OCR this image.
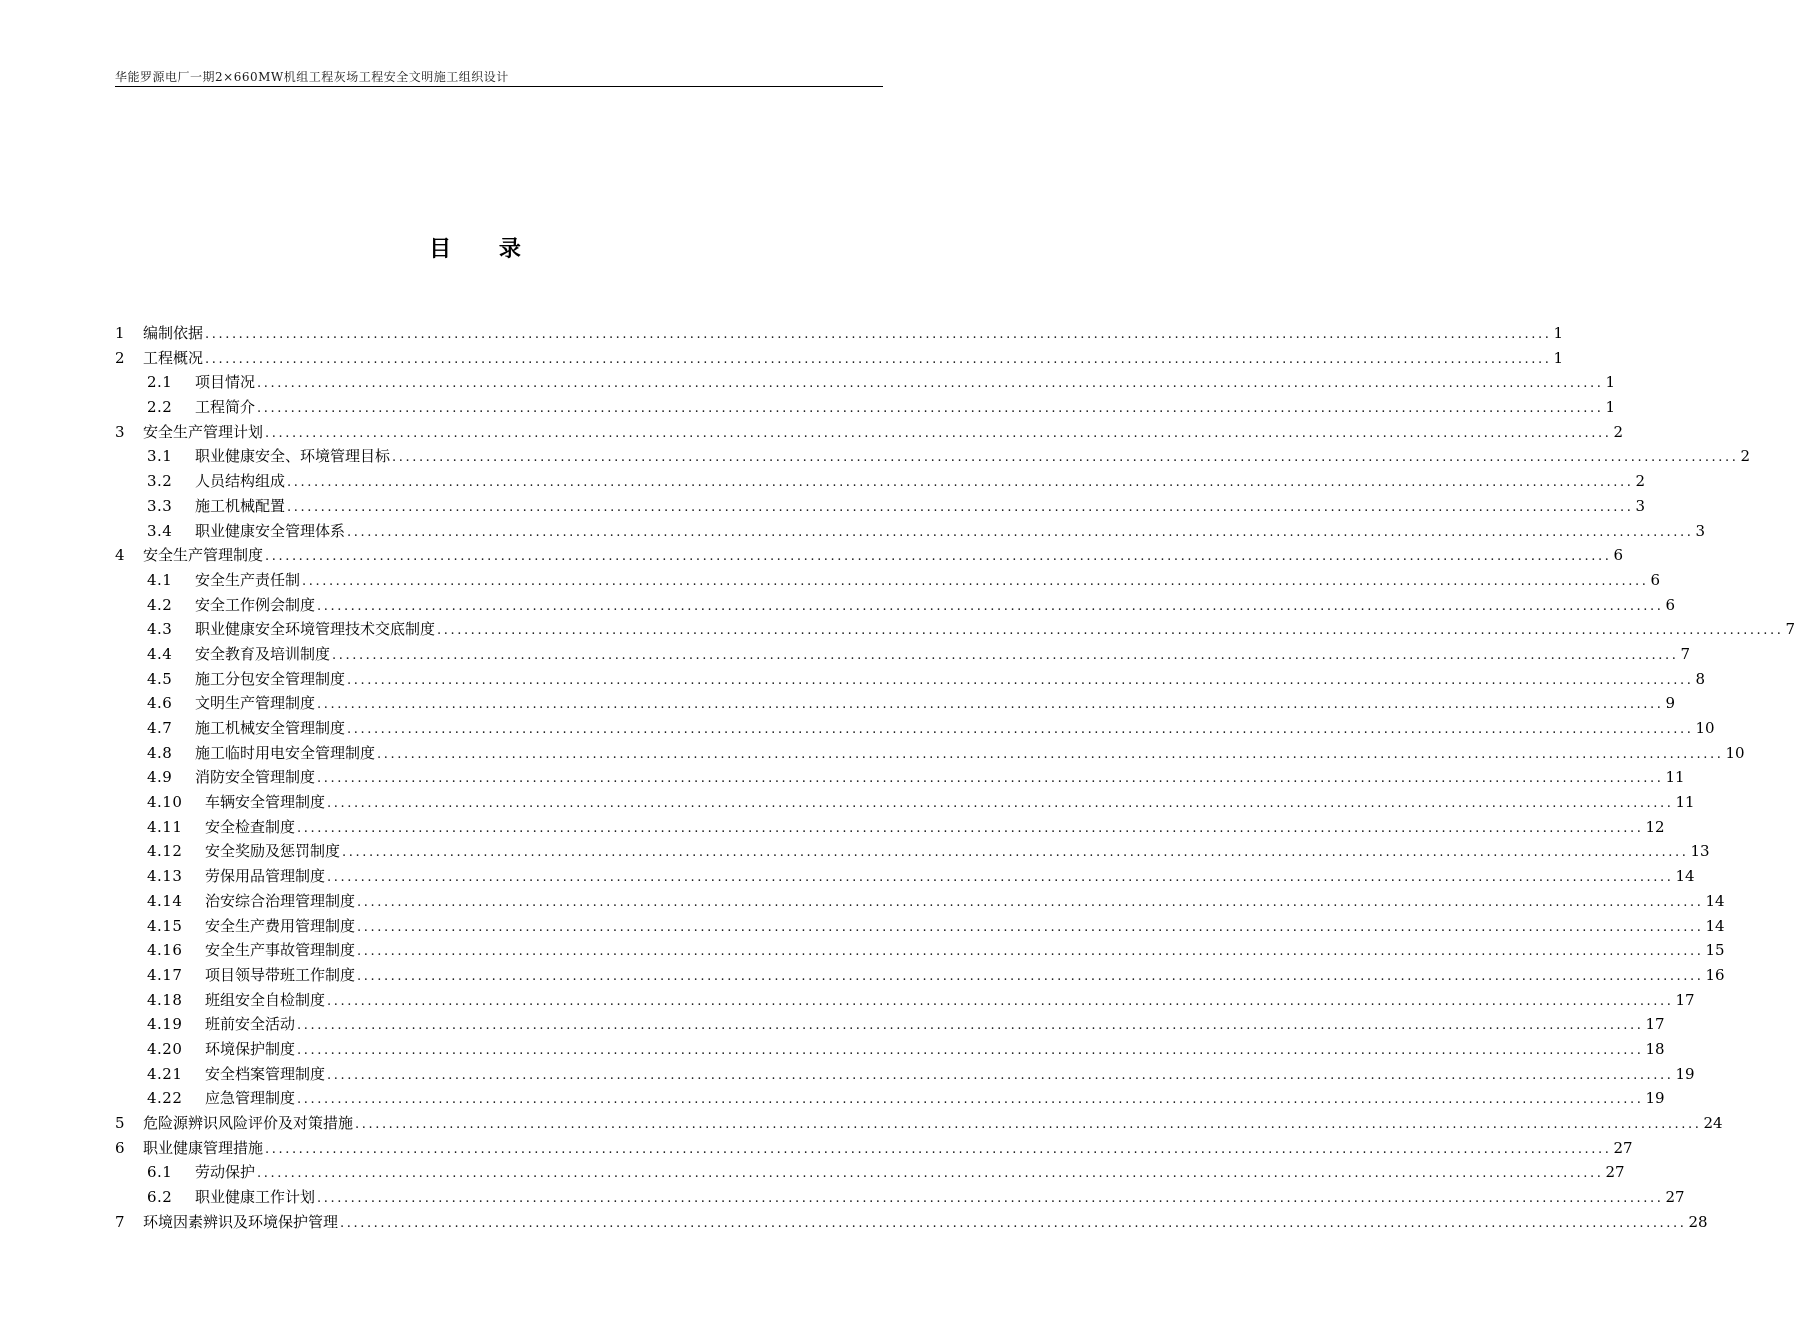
华能罗源电厂一期2×660MW机组工程灰场工程安全文明施工组织设计
目 录
1	编制依据 ........................................................................................................................................................................................................ 1
2	工程概况 ........................................................................................................................................................................................................ 1
2.1	项目情况 ........................................................................................................................................................................................................ 1
2.2	工程简介 ........................................................................................................................................................................................................ 1
3	安全生产管理计划 ........................................................................................................................................................................................................ 2
3.1	职业健康安全、环境管理目标 ........................................................................................................................................................................................................ 2
3.2	人员结构组成 ........................................................................................................................................................................................................ 2
3.3	施工机械配置 ........................................................................................................................................................................................................ 3
3.4	职业健康安全管理体系 ........................................................................................................................................................................................................ 3
4	安全生产管理制度 ........................................................................................................................................................................................................ 6
4.1	安全生产责任制 ........................................................................................................................................................................................................ 6
4.2	安全工作例会制度 ........................................................................................................................................................................................................ 6
4.3	职业健康安全环境管理技术交底制度 ........................................................................................................................................................................................................ 7
4.4	安全教育及培训制度 ........................................................................................................................................................................................................ 7
4.5	施工分包安全管理制度 ........................................................................................................................................................................................................ 8
4.6	文明生产管理制度 ........................................................................................................................................................................................................ 9
4.7	施工机械安全管理制度 ........................................................................................................................................................................................................ 10
4.8	施工临时用电安全管理制度 ........................................................................................................................................................................................................ 10
4.9	消防安全管理制度 ........................................................................................................................................................................................................ 11
4.10	车辆安全管理制度 ........................................................................................................................................................................................................ 11
4.11	安全检查制度 ........................................................................................................................................................................................................ 12
4.12	安全奖励及惩罚制度 ........................................................................................................................................................................................................ 13
4.13	劳保用品管理制度 ........................................................................................................................................................................................................ 14
4.14	治安综合治理管理制度 ........................................................................................................................................................................................................ 14
4.15	安全生产费用管理制度 ........................................................................................................................................................................................................ 14
4.16	安全生产事故管理制度 ........................................................................................................................................................................................................ 15
4.17	项目领导带班工作制度 ........................................................................................................................................................................................................ 16
4.18	班组安全自检制度 ........................................................................................................................................................................................................ 17
4.19	班前安全活动 ........................................................................................................................................................................................................ 17
4.20	环境保护制度 ........................................................................................................................................................................................................ 18
4.21	安全档案管理制度 ........................................................................................................................................................................................................ 19
4.22	应急管理制度 ........................................................................................................................................................................................................ 19
5	危险源辨识风险评价及对策措施 ........................................................................................................................................................................................................ 24
6	职业健康管理措施 ........................................................................................................................................................................................................ 27
6.1	劳动保护 ........................................................................................................................................................................................................ 27
6.2	职业健康工作计划 ........................................................................................................................................................................................................ 27
7	环境因素辨识及环境保护管理 ........................................................................................................................................................................................................ 28
